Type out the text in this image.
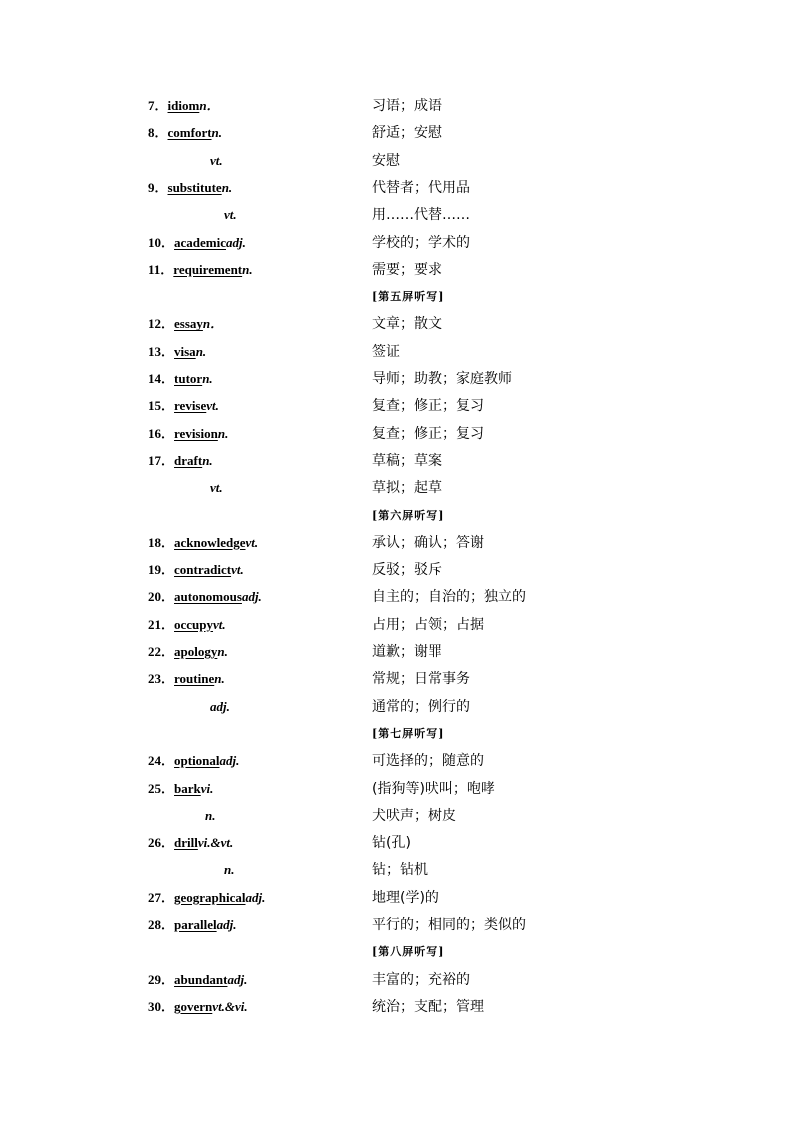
7．idiomn．	习语；成语
8．comfortn.	舒适；安慰
vt.	安慰
9．substituten.	代替者；代用品
vt.	用……代替……
10．academicadj.	学校的；学术的
11．requirementn.	需要；要求
[第五屏听写]
12．essayn．	文章；散文
13．visan.	签证
14．tutorn.	导师；助教；家庭教师
15．revisevt.	复查；修正；复习
16．revisionn.	复查；修正；复习
17．draftn.	草稿；草案
vt.	草拟；起草
[第六屏听写]
18．acknowledgevt.	承认；确认；答谢
19．contradictvt.	反驳；驳斥
20．autonomousadj.	自主的；自治的；独立的
21．occupyvt.	占用；占领；占据
22．apologyn.	道歉；谢罪
23．routinen.	常规；日常事务
adj.	通常的；例行的
[第七屏听写]
24．optionaladj.	可选择的；随意的
25．barkvi.	(指狗等)吠叫；咆哮
n.	犬吠声；树皮
26．drillvi.&vt.	钻(孔)
n.	钻；钻机
27．geographicaladj.	地理(学)的
28．paralleladj.	平行的；相同的；类似的
[第八屏听写]
29．abundantadj.	丰富的；充裕的
30．governvt.&vi.	统治；支配；管理
